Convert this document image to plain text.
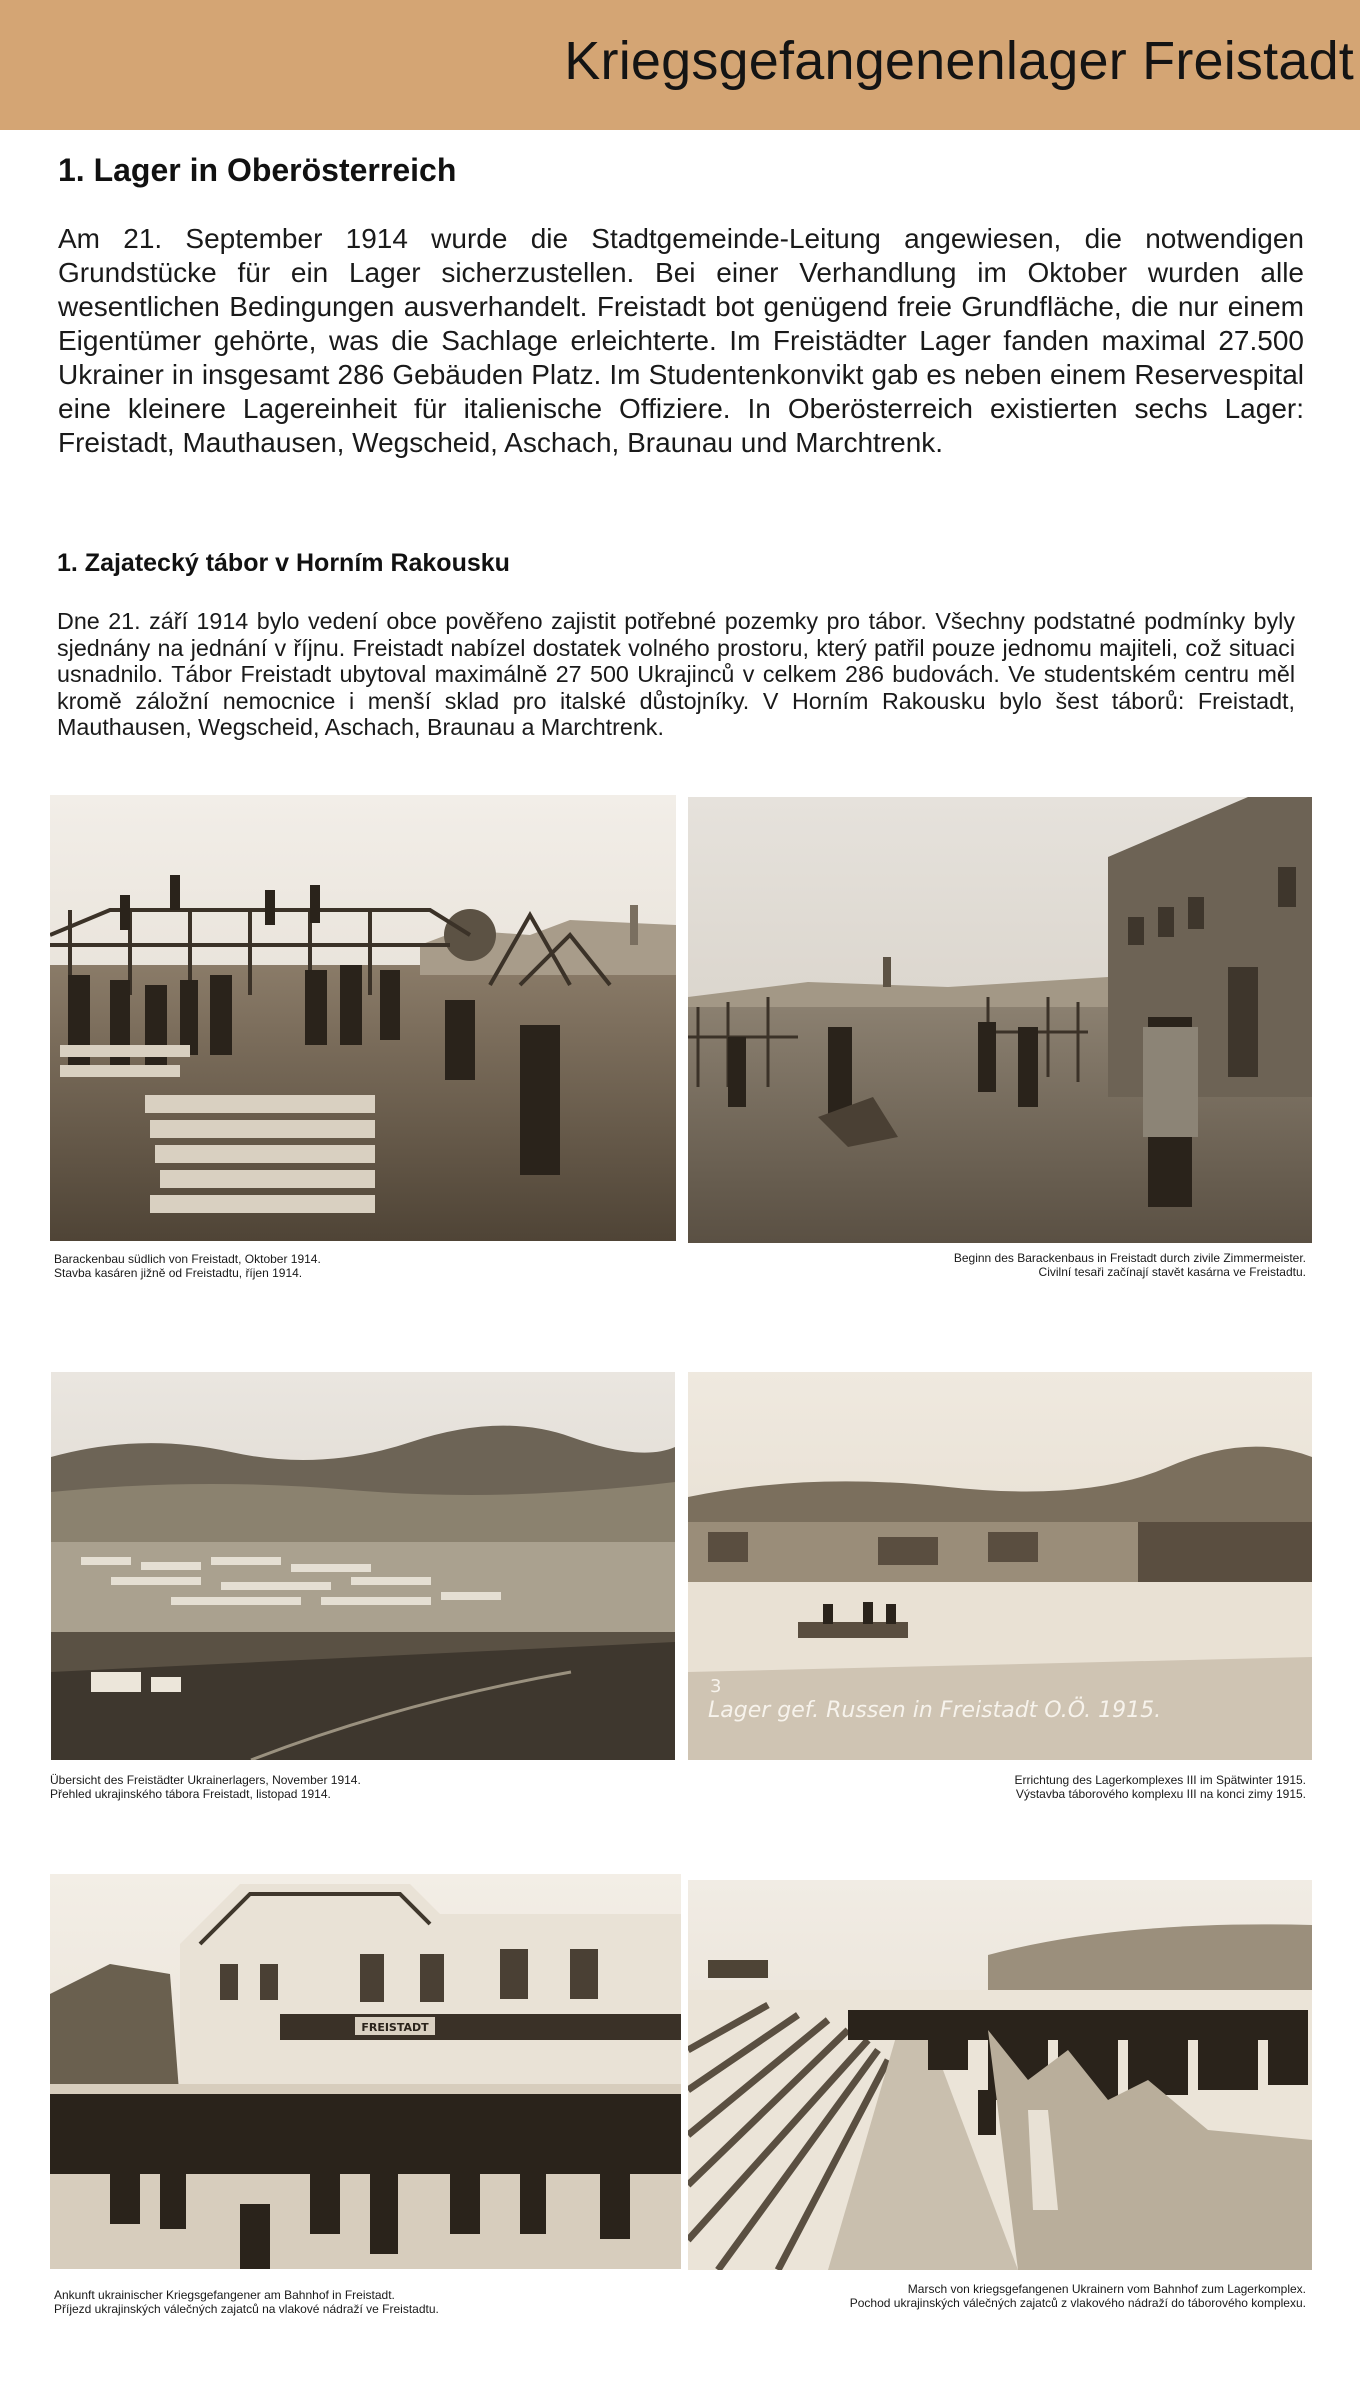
Kriegsgefangenenlager Freistadt
1. Lager in Oberösterreich
Am 21. September 1914 wurde die Stadtgemeinde-Leitung angewiesen, die notwendigen Grundstücke für ein Lager sicherzustellen. Bei einer Verhandlung im Oktober wurden alle wesentlichen Bedingungen ausverhandelt. Freistadt bot genügend freie Grundfläche, die nur einem Eigentümer gehörte, was die Sachlage erleichterte. Im Freistädter Lager fanden maximal 27.500 Ukrainer in insgesamt 286 Gebäuden Platz. Im Studentenkonvikt gab es neben einem Reservespital eine kleinere Lagereinheit für italienische Offiziere. In Oberösterreich existierten sechs Lager: Freistadt, Mauthausen, Wegscheid, Aschach, Braunau und Marchtrenk.
1. Zajatecký tábor v Horním Rakousku
Dne 21. září 1914 bylo vedení obce pověřeno zajistit potřebné pozemky pro tábor. Všechny podstatné podmínky byly sjednány na jednání v říjnu. Freistadt nabízel dostatek volného prostoru, který patřil pouze jednomu majiteli, což situaci usnadnilo. Tábor Freistadt ubytoval maximálně 27 500 Ukrajinců v celkem 286 budovách. Ve studentském centru měl kromě záložní nemocnice i menší sklad pro italské důstojníky. V Horním Rakousku bylo šest táborů: Freistadt, Mauthausen, Wegscheid, Aschach, Braunau a Marchtrenk.
Barackenbau südlich von Freistadt, Oktober 1914.
Stavba kasáren jižně od Freistadtu, říjen 1914.
Beginn des Barackenbaus in Freistadt durch zivile Zimmermeister.
Civilní tesaři začínají stavět kasárna ve Freistadtu.
Übersicht des Freistädter Ukrainerlagers, November 1914.
Přehled ukrajinského tábora Freistadt, listopad 1914.
Lager gef. Russen in Freistadt O.Ö. 1915.
3
Errichtung des Lagerkomplexes III im Spätwinter 1915.
Výstavba táborového komplexu III na konci zimy 1915.
FREISTADT
Ankunft ukrainischer Kriegsgefangener am Bahnhof in Freistadt.
Příjezd ukrajinských válečných zajatců na vlakové nádraží ve Freistadtu.
Marsch von kriegsgefangenen Ukrainern vom Bahnhof zum Lagerkomplex.
Pochod ukrajinských válečných zajatců z vlakového nádraží do táborového komplexu.
